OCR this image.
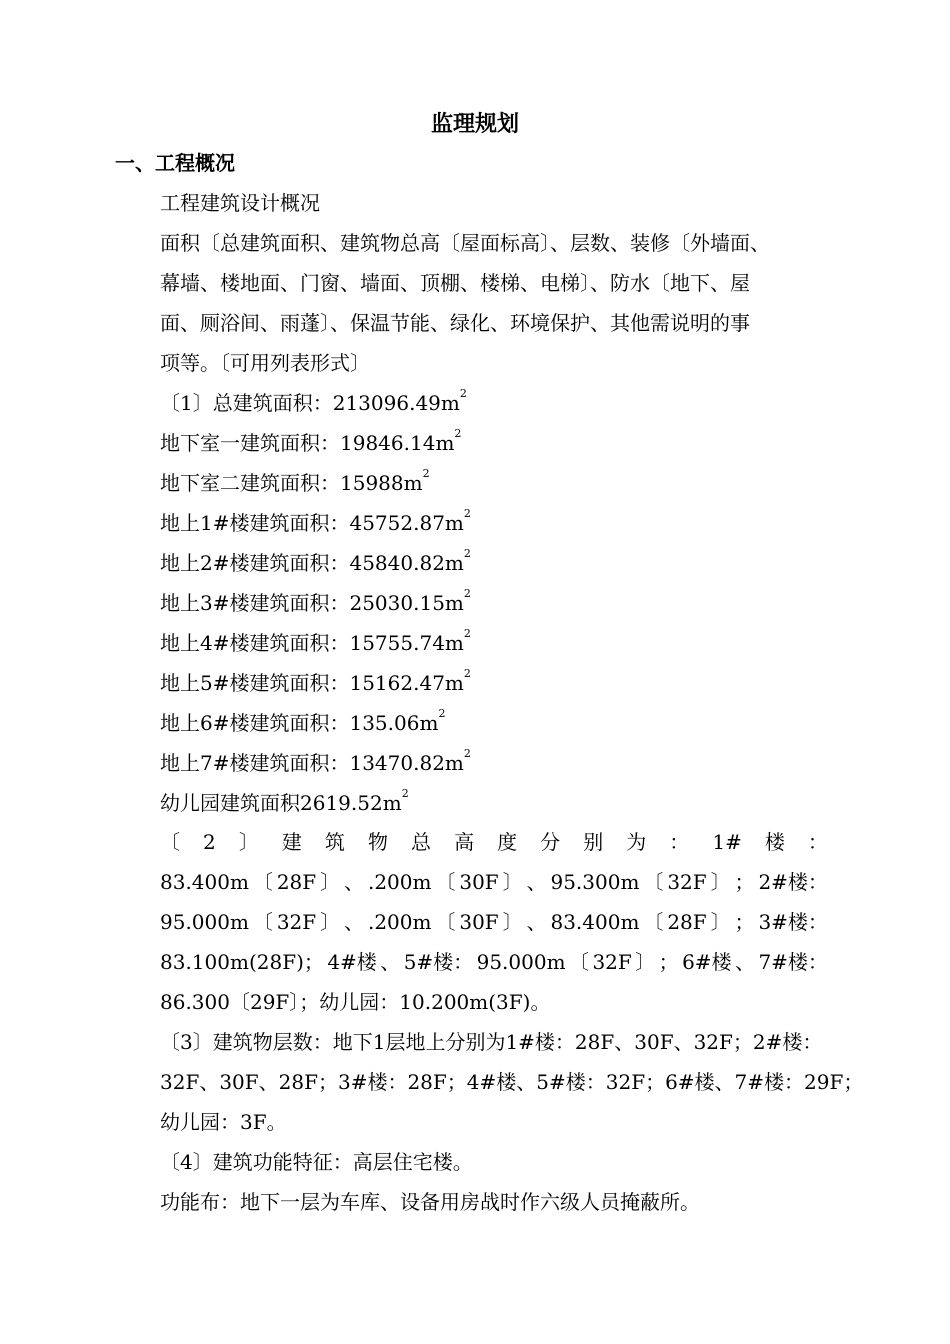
监理规划
一、工程概况
工程建筑设计概况
面积〔总建筑面积、建筑物总高〔屋面标高〕、层数、装修〔外墙面、
幕墙、楼地面、门窗、墙面、顶棚、楼梯、电梯〕、防水〔地下、屋
面、厕浴间、雨蓬〕、保温节能、绿化、环境保护、其他需说明的事
项等。〔可用列表形式〕
〔1〕总建筑面积：$213096.49m^2$
地下室一建筑面积：$19846.14m^2$
地下室二建筑面积：$15988m^2$
地上1#楼建筑面积：$45752.87m^2$
地上2#楼建筑面积：$45840.82m^2$
地上3#楼建筑面积：$25030.15m^2$
地上4#楼建筑面积：$15755.74m^2$
地上5#楼建筑面积：$15162.47m^2$
地上6#楼建筑面积：$135.06m^2$
地上7#楼建筑面积：$13470.82m^2$
幼儿园建筑面积$2619.52m^2$
〔 2 〕 建 筑 物 总 高 度 分 别 为 ： 1# 楼 ：
83.400m 〔 28F 〕 、 .200m 〔 30F 〕 、 95.300m 〔 32F 〕 ； 2#楼：
95.000m 〔 32F 〕 、 .200m 〔 30F 〕 、 83.400m 〔 28F 〕 ； 3#楼：
83.100m(28F)； 4#楼 、 5#楼： 95.000m 〔 32F 〕 ； 6#楼 、 7#楼：
86.300〔29F〕；幼儿园：10.200m(3F)。
〔3〕建筑物层数：地下1层地上分别为1#楼：28F、30F、32F；2#楼：
32F、30F、28F；3#楼：28F；4#楼、5#楼：32F；6#楼、7#楼：29F；
幼儿园：3F。
〔4〕建筑功能特征：高层住宅楼。
功能布：地下一层为车库、设备用房战时作六级人员掩蔽所。
